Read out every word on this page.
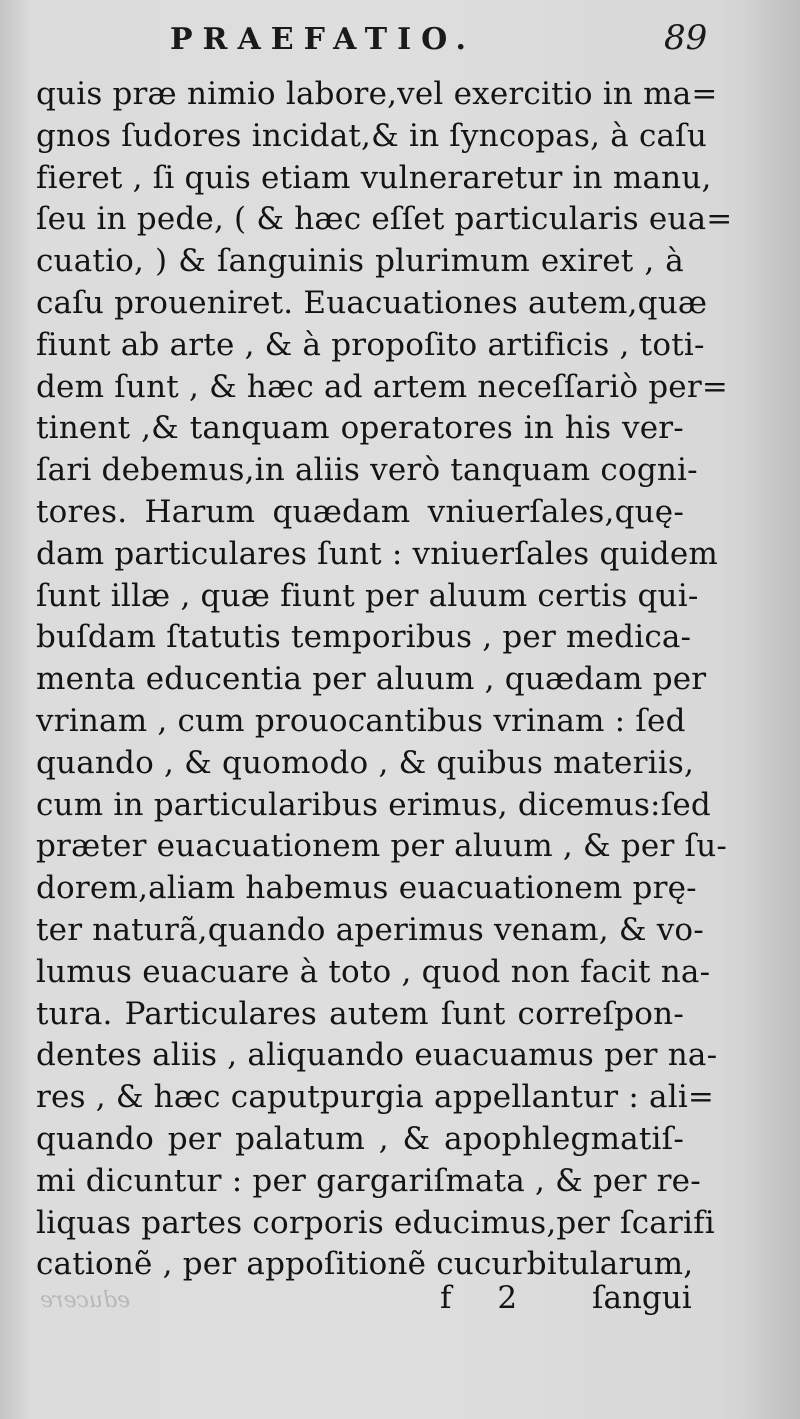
PRAEFATIO.	89
quis præ nimio labore,vel exercitio in ma=
gnos ſudores incidat,& in ſyncopas, à caſu
fieret , ſi quis etiam vulneraretur in manu,
ſeu in pede, ( & hæc eſſet particularis eua=
cuatio, ) & ſanguinis plurimum exiret , à
caſu proueniret. Euacuationes autem,quæ
fiunt ab arte , & à propoſito artificis , toti-
dem ſunt , & hæc ad artem neceſſariò per=
tinent ,& tanquam operatores in his ver-
ſari debemus,in aliis verò tanquam cogni-
tores. Harum quædam vniuerſales,quę-
dam particulares ſunt : vniuerſales quidem
ſunt illæ , quæ fiunt per aluum certis qui-
buſdam ſtatutis temporibus , per medica-
menta educentia per aluum , quædam per
vrinam , cum prouocantibus vrinam : ſed
quando , & quomodo , & quibus materiis,
cum in particularibus erimus, dicemus:ſed
præter euacuationem per aluum , & per ſu-
dorem,aliam habemus euacuationem prę-
ter naturã,quando aperimus venam, & vo-
lumus euacuare à toto , quod non facit na-
tura. Particulares autem ſunt correſpon-
dentes aliis , aliquando euacuamus per na-
res , & hæc caputpurgia appellantur : ali=
quando per palatum , & apophlegmatiſ-
mi dicuntur : per gargariſmata , & per re-
liquas partes corporis educimus,per ſcarifi
cationẽ , per appoſitionẽ cucurbitularum,
educere	f 2 ſangui
